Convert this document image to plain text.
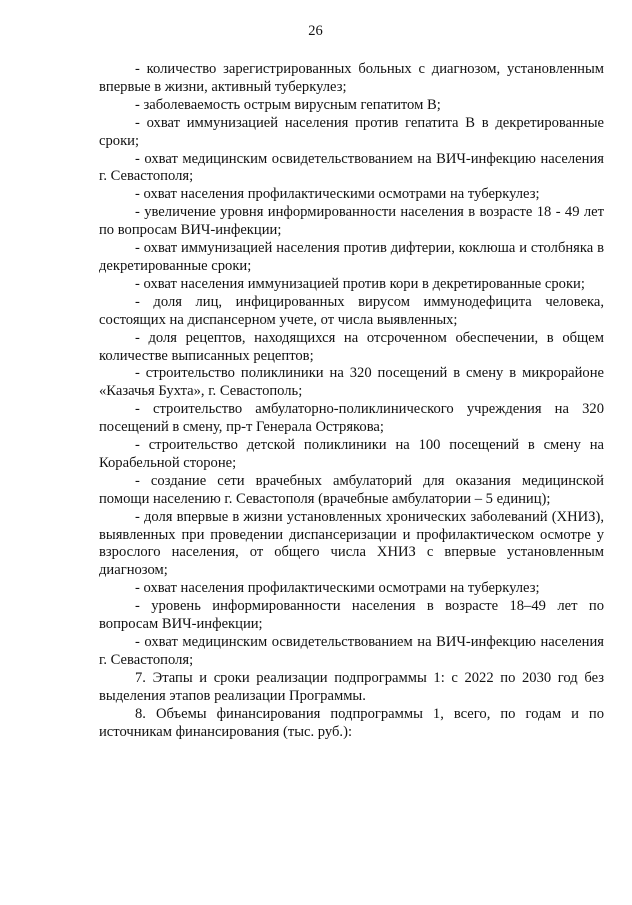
26

- количество зарегистрированных больных с диагнозом, установленным впервые в жизни, активный туберкулез;

- заболеваемость острым вирусным гепатитом В;

- охват иммунизацией населения против гепатита В в декретированные сроки;

- охват медицинским освидетельствованием на ВИЧ-инфекцию населения г. Севастополя;

- охват населения профилактическими осмотрами на туберкулез;

- увеличение уровня информированности населения в возрасте 18 - 49 лет по вопросам ВИЧ-инфекции;

- охват иммунизацией населения против дифтерии, коклюша и столбняка в декретированные сроки;

- охват населения иммунизацией против кори в декретированные сроки;

- доля лиц, инфицированных вирусом иммунодефицита человека, состоящих на диспансерном учете, от числа выявленных;

- доля рецептов, находящихся на отсроченном обеспечении, в общем количестве выписанных рецептов;

- строительство поликлиники на 320 посещений в смену в микрорайоне «Казачья Бухта», г. Севастополь;

- строительство амбулаторно-поликлинического учреждения на 320 посещений в смену, пр-т Генерала Острякова;

- строительство детской поликлиники на 100 посещений в смену на Корабельной стороне;

- создание сети врачебных амбулаторий для оказания медицинской помощи населению г. Севастополя (врачебные амбулатории – 5 единиц);

- доля впервые в жизни установленных хронических заболеваний (ХНИЗ), выявленных при проведении диспансеризации и профилактическом осмотре у взрослого населения, от общего числа ХНИЗ с впервые установленным диагнозом;

- охват населения профилактическими осмотрами на туберкулез;

- уровень информированности населения в возрасте 18–49 лет по вопросам ВИЧ-инфекции;

- охват медицинским освидетельствованием на ВИЧ-инфекцию населения г. Севастополя;

7. Этапы и сроки реализации подпрограммы 1: с 2022 по 2030 год без выделения этапов реализации Программы.

8. Объемы финансирования подпрограммы 1, всего, по годам и по источникам финансирования (тыс. руб.):
